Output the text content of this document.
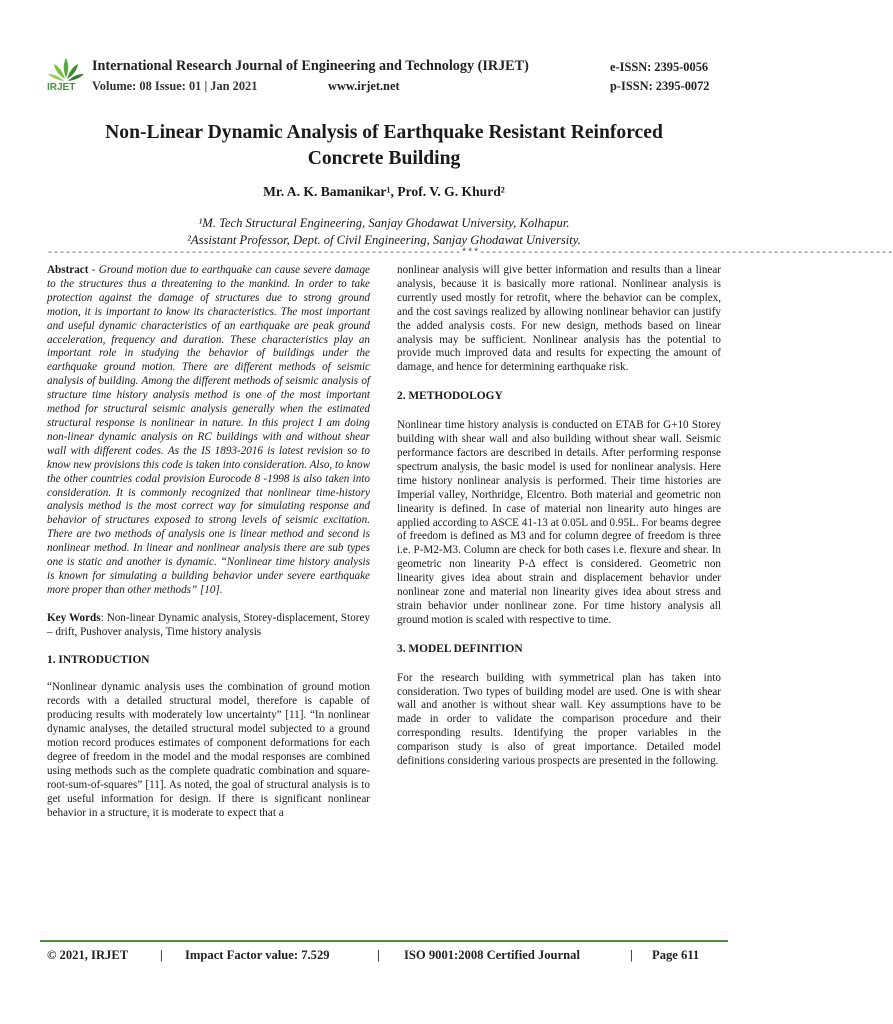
IRJET
International Research Journal of Engineering and Technology (IRJET)
Volume: 08 Issue: 01 | Jan 2021	www.irjet.net
e-ISSN: 2395-0056
p-ISSN: 2395-0072
Non-Linear Dynamic Analysis of Earthquake Resistant Reinforced
Concrete Building
Mr. A. K. Bamanikar¹, Prof. V. G. Khurd²
¹M. Tech Structural Engineering, Sanjay Ghodawat University, Kolhapur.
²Assistant Professor, Dept. of Civil Engineering, Sanjay Ghodawat University.
---------------------------------------------------------------------***---------------------------------------------------------------------

Abstract - Ground motion due to earthquake can cause severe damage to the structures thus a threatening to the mankind. In order to take protection against the damage of structures due to strong ground motion, it is important to know its characteristics. The most important and useful dynamic characteristics of an earthquake are peak ground acceleration, frequency and duration. These characteristics play an important role in studying the behavior of buildings under the earthquake ground motion. There are different methods of seismic analysis of building. Among the different methods of seismic analysis of structure time history analysis method is one of the most important method for structural seismic analysis generally when the estimated structural response is nonlinear in nature. In this project I am doing non-linear dynamic analysis on RC buildings with and without shear wall with different codes. As the IS 1893-2016 is latest revision so to know new provisions this code is taken into consideration. Also, to know the other countries codal provision Eurocode 8 -1998 is also taken into consideration. It is commonly recognized that nonlinear time-history analysis method is the most correct way for simulating response and behavior of structures exposed to strong levels of seismic excitation. There are two methods of analysis one is linear method and second is nonlinear method. In linear and nonlinear analysis there are sub types one is static and another is dynamic. “Nonlinear time history analysis is known for simulating a building behavior under severe earthquake more proper than other methods” [10].

Key Words: Non-linear Dynamic analysis, Storey-displacement, Storey – drift, Pushover analysis, Time history analysis

1. INTRODUCTION

“Nonlinear dynamic analysis uses the combination of ground motion records with a detailed structural model, therefore is capable of producing results with moderately low uncertainty” [11]. “In nonlinear dynamic analyses, the detailed structural model subjected to a ground motion record produces estimates of component deformations for each degree of freedom in the model and the modal responses are combined using methods such as the complete quadratic combination and square-root-sum-of-squares” [11]. As noted, the goal of structural analysis is to get useful information for design. If there is significant nonlinear behavior in a structure, it is moderate to expect that a

nonlinear analysis will give better information and results than a linear analysis, because it is basically more rational. Nonlinear analysis is currently used mostly for retrofit, where the behavior can be complex, and the cost savings realized by allowing nonlinear behavior can justify the added analysis costs. For new design, methods based on linear analysis may be sufficient. Nonlinear analysis has the potential to provide much improved data and results for expecting the amount of damage, and hence for determining earthquake risk.

2. METHODOLOGY

Nonlinear time history analysis is conducted on ETAB for G+10 Storey building with shear wall and also building without shear wall. Seismic performance factors are described in details. After performing response spectrum analysis, the basic model is used for nonlinear analysis. Here time history nonlinear analysis is performed. Their time histories are Imperial valley, Northridge, Elcentro. Both material and geometric non linearity is defined. In case of material non linearity auto hinges are applied according to ASCE 41-13 at 0.05L and 0.95L. For beams degree of freedom is defined as M3 and for column degree of freedom is three i.e. P-M2-M3. Column are check for both cases i.e. flexure and shear. In geometric non linearity P-Δ effect is considered. Geometric non linearity gives idea about strain and displacement behavior under nonlinear zone and material non linearity gives idea about stress and strain behavior under nonlinear zone. For time history analysis all ground motion is scaled with respective to time.

3. MODEL DEFINITION

For the research building with symmetrical plan has taken into consideration. Two types of building model are used. One is with shear wall and another is without shear wall. Key assumptions have to be made in order to validate the comparison procedure and their corresponding results. Identifying the proper variables in the comparison study is also of great importance. Detailed model definitions considering various prospects are presented in the following.

© 2021, IRJET	| Impact Factor value: 7.529	| ISO 9001:2008 Certified Journal	| Page 611
